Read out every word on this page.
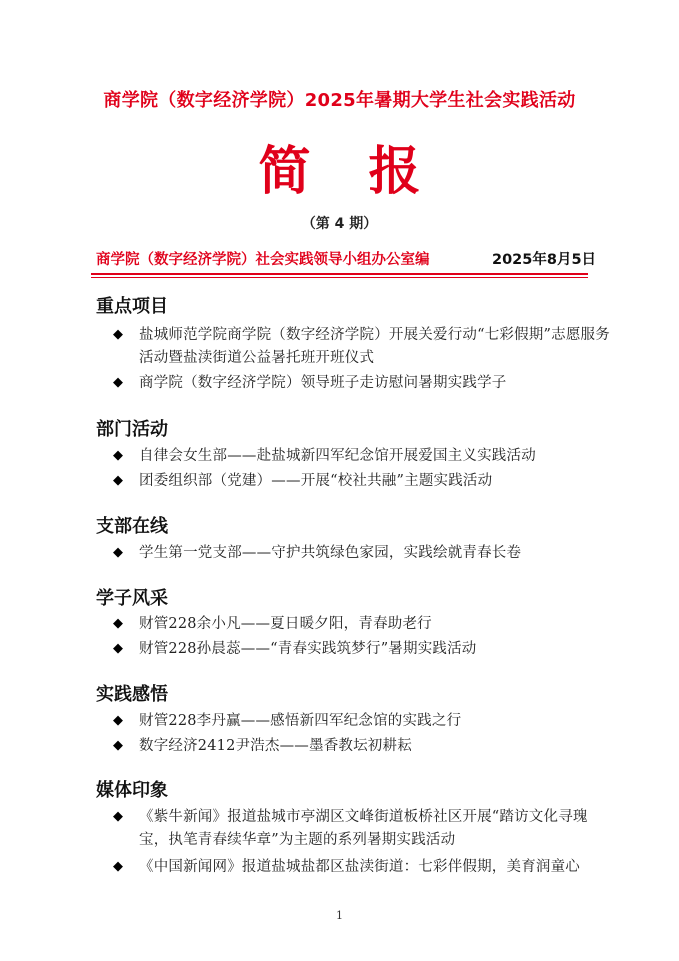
商学院（数字经济学院）2025年暑期大学生社会实践活动
简报
（第 4 期）
商学院（数字经济学院）社会实践领导小组办公室编	2025年8月5日
重点项目
◆ 盐城师范学院商学院（数字经济学院）开展关爱行动“七彩假期”志愿服务活动暨盐渎街道公益暑托班开班仪式
◆ 商学院（数字经济学院）领导班子走访慰问暑期实践学子
部门活动
◆ 自律会女生部——赴盐城新四军纪念馆开展爱国主义实践活动
◆ 团委组织部（党建）——开展“校社共融”主题实践活动
支部在线
◆ 学生第一党支部——守护共筑绿色家园，实践绘就青春长卷
学子风采
◆ 财管228余小凡——夏日暖夕阳，青春助老行
◆ 财管228孙晨蕊——“青春实践筑梦行”暑期实践活动
实践感悟
◆ 财管228李丹赢——感悟新四军纪念馆的实践之行
◆ 数字经济2412尹浩杰——墨香教坛初耕耘
媒体印象
◆ 《紫牛新闻》报道盐城市亭湖区文峰街道板桥社区开展“踏访文化寻瑰宝，执笔青春续华章”为主题的系列暑期实践活动
◆ 《中国新闻网》报道盐城盐都区盐渎街道：七彩伴假期，美育润童心
1
